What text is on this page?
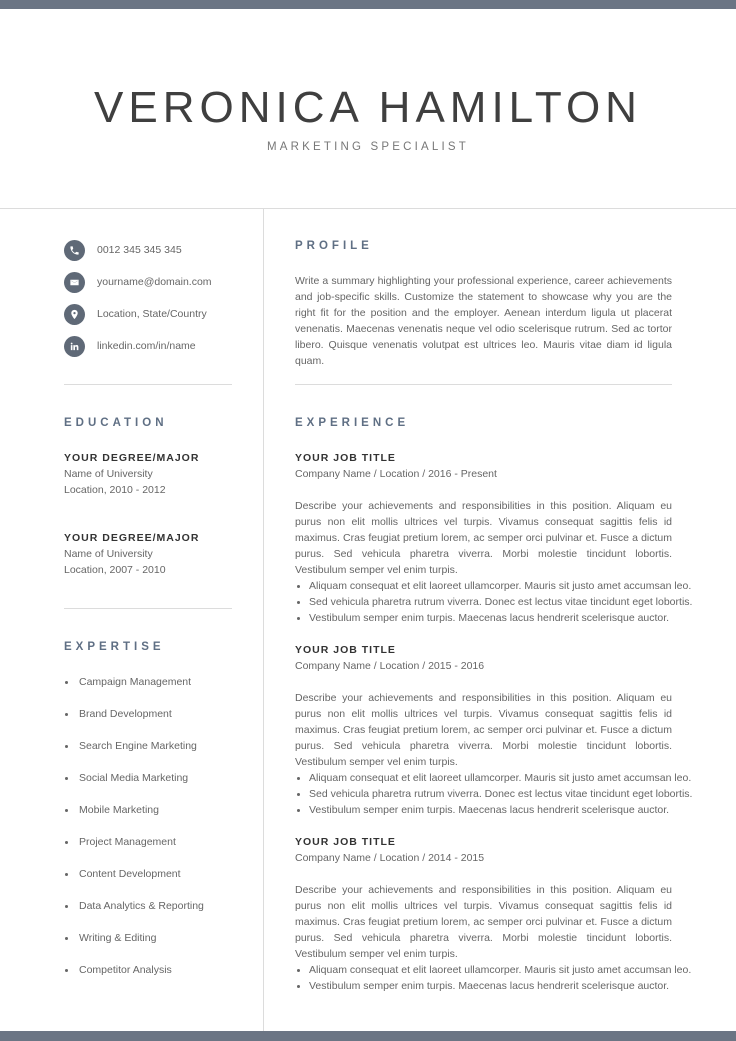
VERONICA HAMILTON
MARKETING SPECIALIST
0012 345 345 345
yourname@domain.com
Location, State/Country
linkedin.com/in/name
EDUCATION
YOUR DEGREE/MAJOR
Name of University
Location, 2010 - 2012
YOUR DEGREE/MAJOR
Name of University
Location, 2007 - 2010
EXPERTISE
Campaign Management
Brand Development
Search Engine Marketing
Social Media Marketing
Mobile Marketing
Project Management
Content Development
Data Analytics & Reporting
Writing & Editing
Competitor Analysis
PROFILE
Write a summary highlighting your professional experience, career achievements and job-specific skills. Customize the statement to showcase why you are the right fit for the position and the employer. Aenean interdum ligula ut placerat venenatis. Maecenas venenatis neque vel odio scelerisque rutrum. Sed ac tortor libero. Quisque venenatis volutpat est ultrices leo. Mauris vitae diam id ligula quam.
EXPERIENCE
YOUR JOB TITLE
Company Name / Location / 2016 - Present
Describe your achievements and responsibilities in this position. Aliquam eu purus non elit mollis ultrices vel turpis. Vivamus consequat sagittis felis id maximus. Cras feugiat pretium lorem, ac semper orci pulvinar et. Fusce a dictum purus. Sed vehicula pharetra viverra. Morbi molestie tincidunt lobortis. Vestibulum semper vel enim turpis.
Aliquam consequat et elit laoreet ullamcorper. Mauris sit justo amet accumsan leo.
Sed vehicula pharetra rutrum viverra. Donec est lectus vitae tincidunt eget lobortis.
Vestibulum semper enim turpis. Maecenas lacus hendrerit scelerisque auctor.
YOUR JOB TITLE
Company Name / Location / 2015 - 2016
Describe your achievements and responsibilities in this position. Aliquam eu purus non elit mollis ultrices vel turpis. Vivamus consequat sagittis felis id maximus. Cras feugiat pretium lorem, ac semper orci pulvinar et. Fusce a dictum purus. Sed vehicula pharetra viverra. Morbi molestie tincidunt lobortis. Vestibulum semper vel enim turpis.
Aliquam consequat et elit laoreet ullamcorper. Mauris sit justo amet accumsan leo.
Sed vehicula pharetra rutrum viverra. Donec est lectus vitae tincidunt eget lobortis.
Vestibulum semper enim turpis. Maecenas lacus hendrerit scelerisque auctor.
YOUR JOB TITLE
Company Name / Location / 2014 - 2015
Describe your achievements and responsibilities in this position. Aliquam eu purus non elit mollis ultrices vel turpis. Vivamus consequat sagittis felis id maximus. Cras feugiat pretium lorem, ac semper orci pulvinar et. Fusce a dictum purus. Sed vehicula pharetra viverra. Morbi molestie tincidunt lobortis. Vestibulum semper vel enim turpis.
Aliquam consequat et elit laoreet ullamcorper. Mauris sit justo amet accumsan leo.
Vestibulum semper enim turpis. Maecenas lacus hendrerit scelerisque auctor.
